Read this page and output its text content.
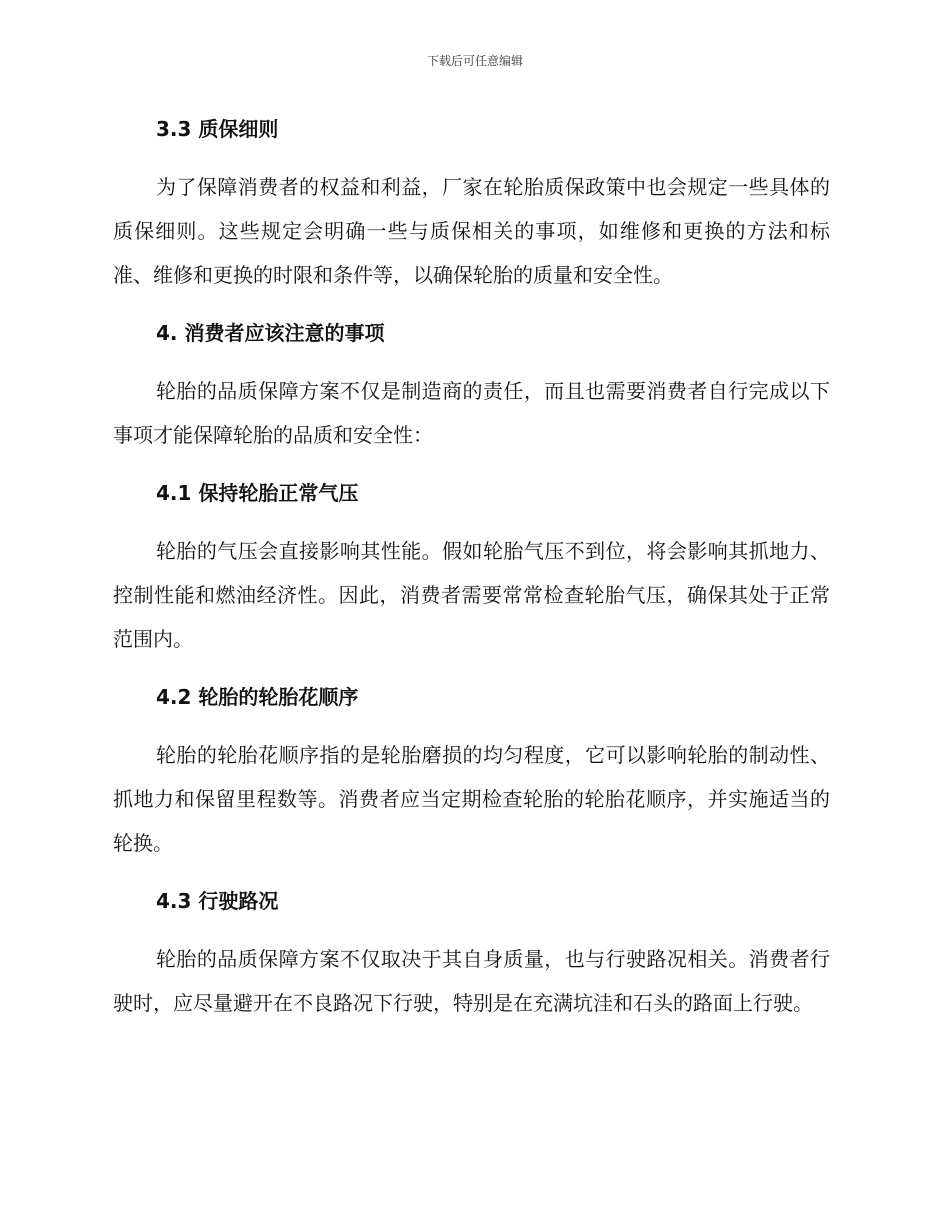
下载后可任意编辑
3.3 质保细则
为了保障消费者的权益和利益，厂家在轮胎质保政策中也会规定一些具体的质保细则。这些规定会明确一些与质保相关的事项，如维修和更换的方法和标准、维修和更换的时限和条件等，以确保轮胎的质量和安全性。
4. 消费者应该注意的事项
轮胎的品质保障方案不仅是制造商的责任，而且也需要消费者自行完成以下事项才能保障轮胎的品质和安全性：
4.1 保持轮胎正常气压
轮胎的气压会直接影响其性能。假如轮胎气压不到位，将会影响其抓地力、控制性能和燃油经济性。因此，消费者需要常常检查轮胎气压，确保其处于正常范围内。
4.2 轮胎的轮胎花顺序
轮胎的轮胎花顺序指的是轮胎磨损的均匀程度，它可以影响轮胎的制动性、抓地力和保留里程数等。消费者应当定期检查轮胎的轮胎花顺序，并实施适当的轮换。
4.3 行驶路况
轮胎的品质保障方案不仅取决于其自身质量，也与行驶路况相关。消费者行驶时，应尽量避开在不良路况下行驶，特别是在充满坑洼和石头的路面上行驶。
